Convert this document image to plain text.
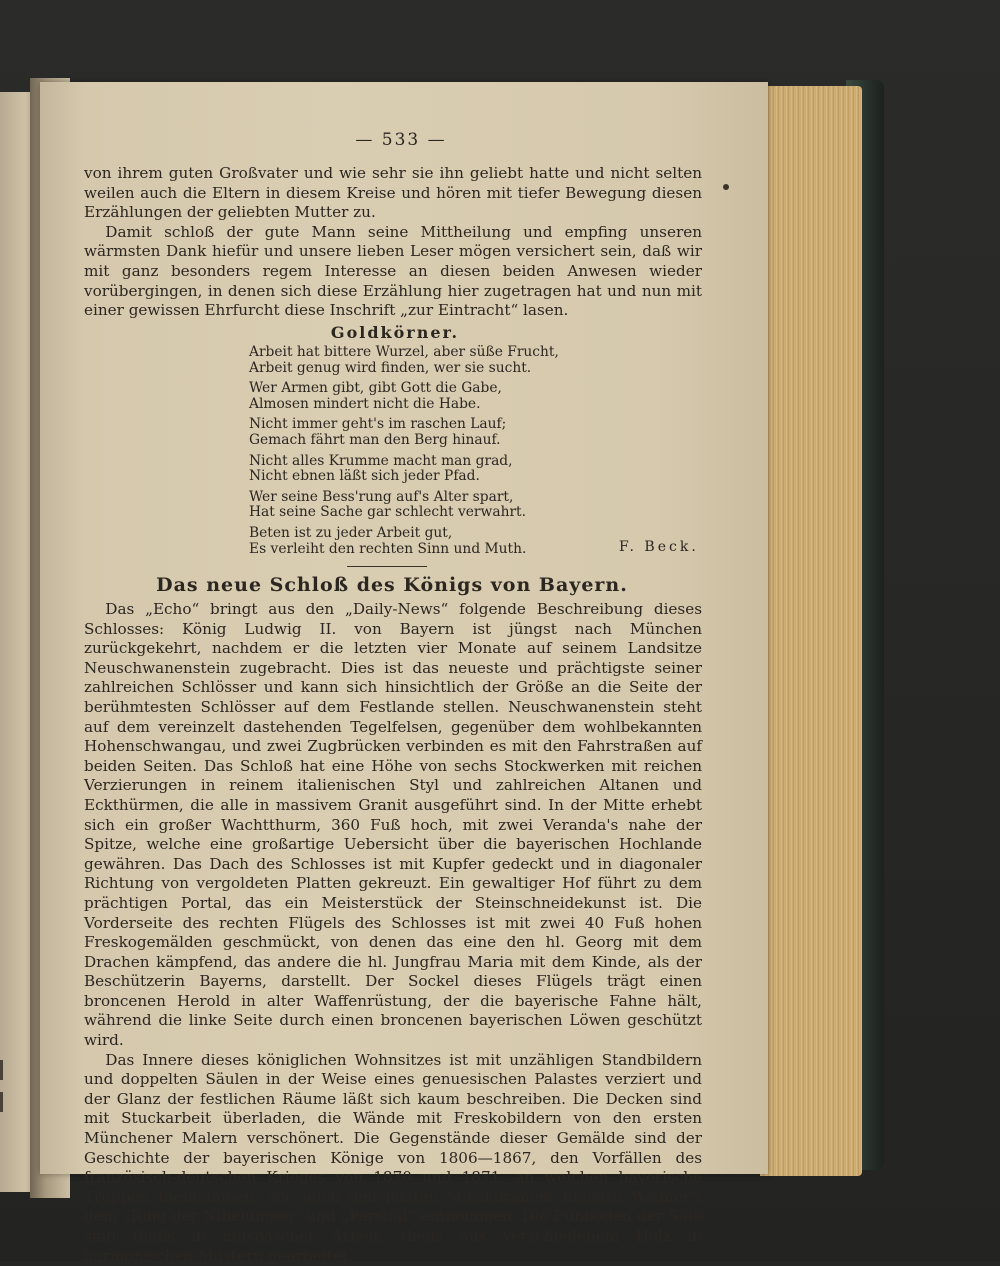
— 533 —

von ihrem guten Großvater und wie sehr sie ihn geliebt hatte und nicht selten weilen auch die Eltern in diesem Kreise und hören mit tiefer Bewegung diesen Erzählungen der geliebten Mutter zu.

Damit schloß der gute Mann seine Mittheilung und empfing unseren wärmsten Dank hiefür und unsere lieben Leser mögen versichert sein, daß wir mit ganz besonders regem Interesse an diesen beiden Anwesen wieder vorübergingen, in denen sich diese Erzählung hier zugetragen hat und nun mit einer gewissen Ehrfurcht diese Inschrift „zur Eintracht“ lasen.

Goldkörner.
Arbeit hat bittere Wurzel, aber süße Frucht,
Arbeit genug wird finden, wer sie sucht.
Wer Armen gibt, gibt Gott die Gabe,
Almosen mindert nicht die Habe.
Nicht immer geht's im raschen Lauf;
Gemach fährt man den Berg hinauf.
Nicht alles Krumme macht man grad,
Nicht ebnen läßt sich jeder Pfad.
Wer seine Bess'rung auf's Alter spart,
Hat seine Sache gar schlecht verwahrt.
Beten ist zu jeder Arbeit gut,
Es verleiht den rechten Sinn und Muth.	F. Beck.
Das neue Schloß des Königs von Bayern.

Das „Echo“ bringt aus den „Daily-News“ folgende Beschreibung dieses Schlosses: König Ludwig II. von Bayern ist jüngst nach München zurückgekehrt, nachdem er die letzten vier Monate auf seinem Landsitze Neuschwanenstein zugebracht. Dies ist das neueste und prächtigste seiner zahlreichen Schlösser und kann sich hinsichtlich der Größe an die Seite der berühmtesten Schlösser auf dem Festlande stellen. Neuschwanenstein steht auf dem vereinzelt dastehenden Tegelfelsen, gegenüber dem wohlbekannten Hohenschwangau, und zwei Zugbrücken verbinden es mit den Fahrstraßen auf beiden Seiten. Das Schloß hat eine Höhe von sechs Stockwerken mit reichen Verzierungen in reinem italienischen Styl und zahlreichen Altanen und Eckthürmen, die alle in massivem Granit ausgeführt sind. In der Mitte erhebt sich ein großer Wachtthurm, 360 Fuß hoch, mit zwei Veranda's nahe der Spitze, welche eine großartige Uebersicht über die bayerischen Hochlande gewähren. Das Dach des Schlosses ist mit Kupfer gedeckt und in diagonaler Richtung von vergoldeten Platten gekreuzt. Ein gewaltiger Hof führt zu dem prächtigen Portal, das ein Meisterstück der Steinschneidekunst ist. Die Vorderseite des rechten Flügels des Schlosses ist mit zwei 40 Fuß hohen Freskogemälden geschmückt, von denen das eine den hl. Georg mit dem Drachen kämpfend, das andere die hl. Jungfrau Maria mit dem Kinde, als der Beschützerin Bayerns, darstellt. Der Sockel dieses Flügels trägt einen broncenen Herold in alter Waffenrüstung, der die bayerische Fahne hält, während die linke Seite durch einen broncenen bayerischen Löwen geschützt wird.

Das Innere dieses königlichen Wohnsitzes ist mit unzähligen Standbildern und doppelten Säulen in der Weise eines genuesischen Palastes verziert und der Glanz der festlichen Räume läßt sich kaum beschreiben. Die Decken sind mit Stuckarbeit überladen, die Wände mit Freskobildern von den ersten Münchener Malern verschönert. Die Gegenstände dieser Gemälde sind der Geschichte der bayerischen Könige von 1806—1867, den Vorfällen des französisch-deutschen Krieges von 1870 und 1871, an welchen bayerische Truppen theilnahmen, wie auch den letzten Musikdramen Richard Wagner's dem „Ring der Nibelungen“ und „Parsifal“ entnommen. Die Fußböden der Säle sind theils in musivischer Arbeit, theils aus verschiedenem Holz in harmonischen Mustern gearbeitet.
